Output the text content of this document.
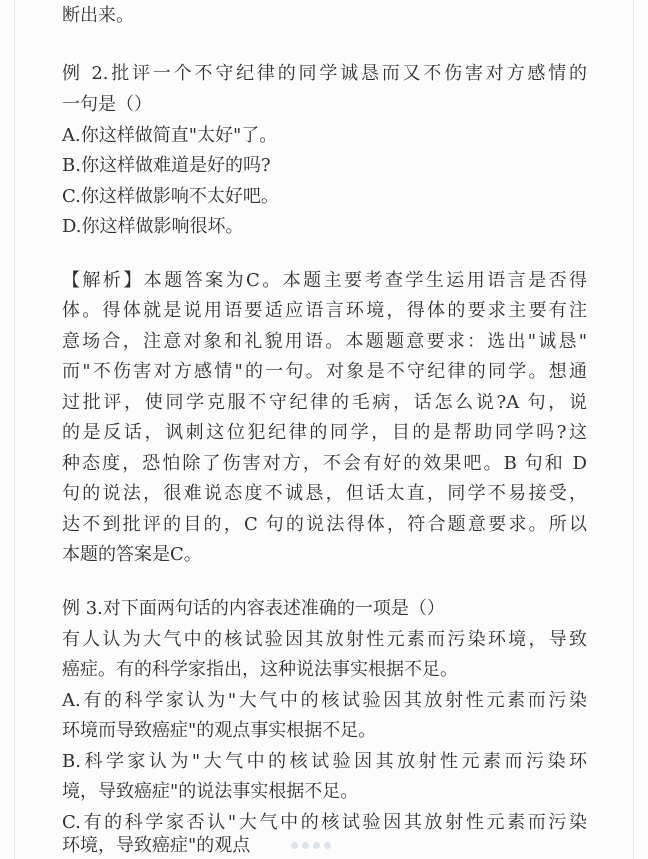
断出来。
例 2.批评一个不守纪律的同学诚恳而又不伤害对方感情的
一句是（）
A.你这样做简直"太好"了。
B.你这样做难道是好的吗?
C.你这样做影响不太好吧。
D.你这样做影响很坏。
【解析】本题答案为C。本题主要考查学生运用语言是否得
体。得体就是说用语要适应语言环境，得体的要求主要有注
意场合，注意对象和礼貌用语。本题题意要求：选出"诚恳"
而"不伤害对方感情"的一句。对象是不守纪律的同学。想通
过批评，使同学克服不守纪律的毛病，话怎么说?A 句，说
的是反话，讽刺这位犯纪律的同学，目的是帮助同学吗?这
种态度，恐怕除了伤害对方，不会有好的效果吧。B 句和 D
句的说法，很难说态度不诚恳，但话太直，同学不易接受，
达不到批评的目的，C 句的说法得体，符合题意要求。所以
本题的答案是C。
例 3.对下面两句话的内容表述准确的一项是（）
有人认为大气中的核试验因其放射性元素而污染环境，导致
癌症。有的科学家指出，这种说法事实根据不足。
A.有的科学家认为"大气中的核试验因其放射性元素而污染
环境而导致癌症"的观点事实根据不足。
B.科学家认为"大气中的核试验因其放射性元素而污染环
境，导致癌症"的说法事实根据不足。
C.有的科学家否认"大气中的核试验因其放射性元素而污染
环境，导致癌症"的观点
